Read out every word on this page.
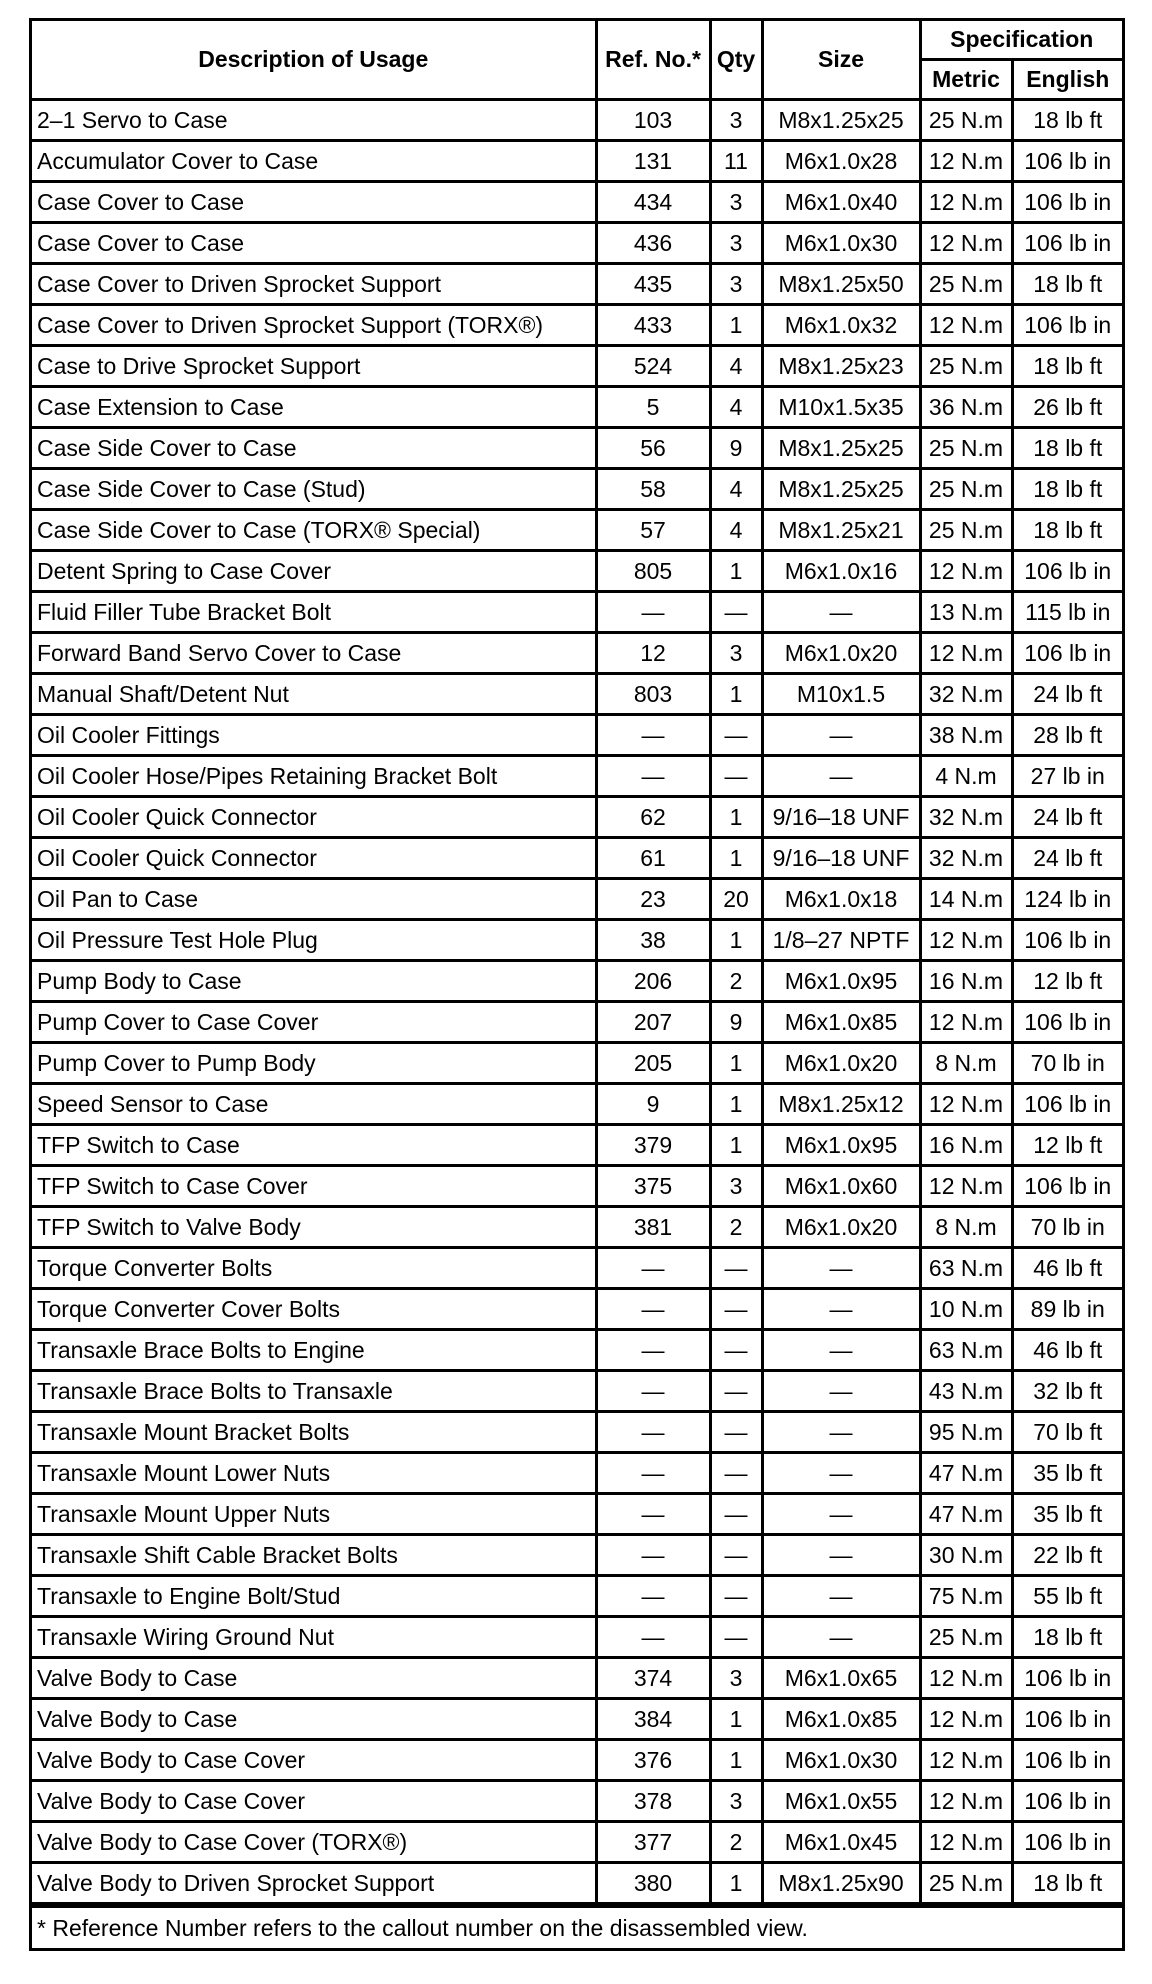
Description of Usage	Ref. No.*	Qty	Size	Specification	
				Metric	English
2–1 Servo to Case	103	3	M8x1.25x25	25 N.m	18 lb ft
Accumulator Cover to Case	131	11	M6x1.0x28	12 N.m	106 lb in
Case Cover to Case	434	3	M6x1.0x40	12 N.m	106 lb in
Case Cover to Case	436	3	M6x1.0x30	12 N.m	106 lb in
Case Cover to Driven Sprocket Support	435	3	M8x1.25x50	25 N.m	18 lb ft
Case Cover to Driven Sprocket Support (TORX®)	433	1	M6x1.0x32	12 N.m	106 lb in
Case to Drive Sprocket Support	524	4	M8x1.25x23	25 N.m	18 lb ft
Case Extension to Case	5	4	M10x1.5x35	36 N.m	26 lb ft
Case Side Cover to Case	56	9	M8x1.25x25	25 N.m	18 lb ft
Case Side Cover to Case (Stud)	58	4	M8x1.25x25	25 N.m	18 lb ft
Case Side Cover to Case (TORX® Special)	57	4	M8x1.25x21	25 N.m	18 lb ft
Detent Spring to Case Cover	805	1	M6x1.0x16	12 N.m	106 lb in
Fluid Filler Tube Bracket Bolt	—	—	—	13 N.m	115 lb in
Forward Band Servo Cover to Case	12	3	M6x1.0x20	12 N.m	106 lb in
Manual Shaft/Detent Nut	803	1	M10x1.5	32 N.m	24 lb ft
Oil Cooler Fittings	—	—	—	38 N.m	28 lb ft
Oil Cooler Hose/Pipes Retaining Bracket Bolt	—	—	—	4 N.m	27 lb in
Oil Cooler Quick Connector	62	1	9/16–18 UNF	32 N.m	24 lb ft
Oil Cooler Quick Connector	61	1	9/16–18 UNF	32 N.m	24 lb ft
Oil Pan to Case	23	20	M6x1.0x18	14 N.m	124 lb in
Oil Pressure Test Hole Plug	38	1	1/8–27 NPTF	12 N.m	106 lb in
Pump Body to Case	206	2	M6x1.0x95	16 N.m	12 lb ft
Pump Cover to Case Cover	207	9	M6x1.0x85	12 N.m	106 lb in
Pump Cover to Pump Body	205	1	M6x1.0x20	8 N.m	70 lb in
Speed Sensor to Case	9	1	M8x1.25x12	12 N.m	106 lb in
TFP Switch to Case	379	1	M6x1.0x95	16 N.m	12 lb ft
TFP Switch to Case Cover	375	3	M6x1.0x60	12 N.m	106 lb in
TFP Switch to Valve Body	381	2	M6x1.0x20	8 N.m	70 lb in
Torque Converter Bolts	—	—	—	63 N.m	46 lb ft
Torque Converter Cover Bolts	—	—	—	10 N.m	89 lb in
Transaxle Brace Bolts to Engine	—	—	—	63 N.m	46 lb ft
Transaxle Brace Bolts to Transaxle	—	—	—	43 N.m	32 lb ft
Transaxle Mount Bracket Bolts	—	—	—	95 N.m	70 lb ft
Transaxle Mount Lower Nuts	—	—	—	47 N.m	35 lb ft
Transaxle Mount Upper Nuts	—	—	—	47 N.m	35 lb ft
Transaxle Shift Cable Bracket Bolts	—	—	—	30 N.m	22 lb ft
Transaxle to Engine Bolt/Stud	—	—	—	75 N.m	55 lb ft
Transaxle Wiring Ground Nut	—	—	—	25 N.m	18 lb ft
Valve Body to Case	374	3	M6x1.0x65	12 N.m	106 lb in
Valve Body to Case	384	1	M6x1.0x85	12 N.m	106 lb in
Valve Body to Case Cover	376	1	M6x1.0x30	12 N.m	106 lb in
Valve Body to Case Cover	378	3	M6x1.0x55	12 N.m	106 lb in
Valve Body to Case Cover (TORX®)	377	2	M6x1.0x45	12 N.m	106 lb in
Valve Body to Driven Sprocket Support	380	1	M8x1.25x90	25 N.m	18 lb ft
* Reference Number refers to the callout number on the disassembled view.
